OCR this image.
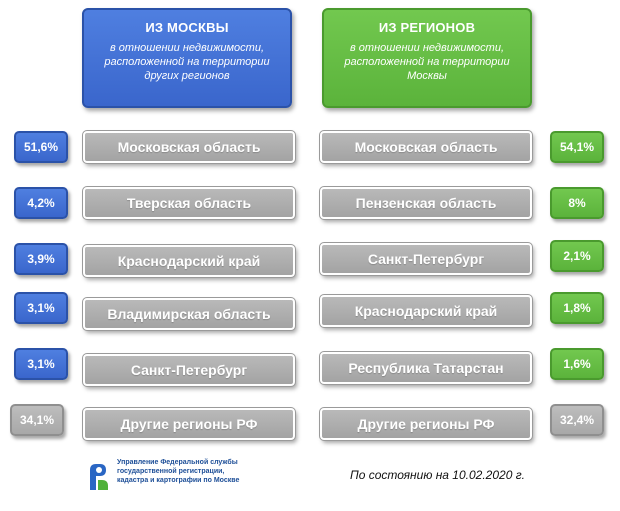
ИЗ МОСКВЫ
в отношении недвижимости, расположенной на территории других регионов
ИЗ РЕГИОНОВ
в отношении недвижимости, расположенной на территории Москвы
51,6%	Московская область
4,2%	Тверская область
3,9%	Краснодарский край
3,1%	Владимирская область
3,1%	Санкт-Петербург
34,1%	Другие регионы РФ
Московская область	54,1%
Пензенская область	8%
Санкт-Петербург	2,1%
Краснодарский край	1,8%
Республика Татарстан	1,6%
Другие регионы РФ	32,4%
Управление Федеральной службы государственной регистрации, кадастра и картографии по Москве	По состоянию на 10.02.2020 г.
